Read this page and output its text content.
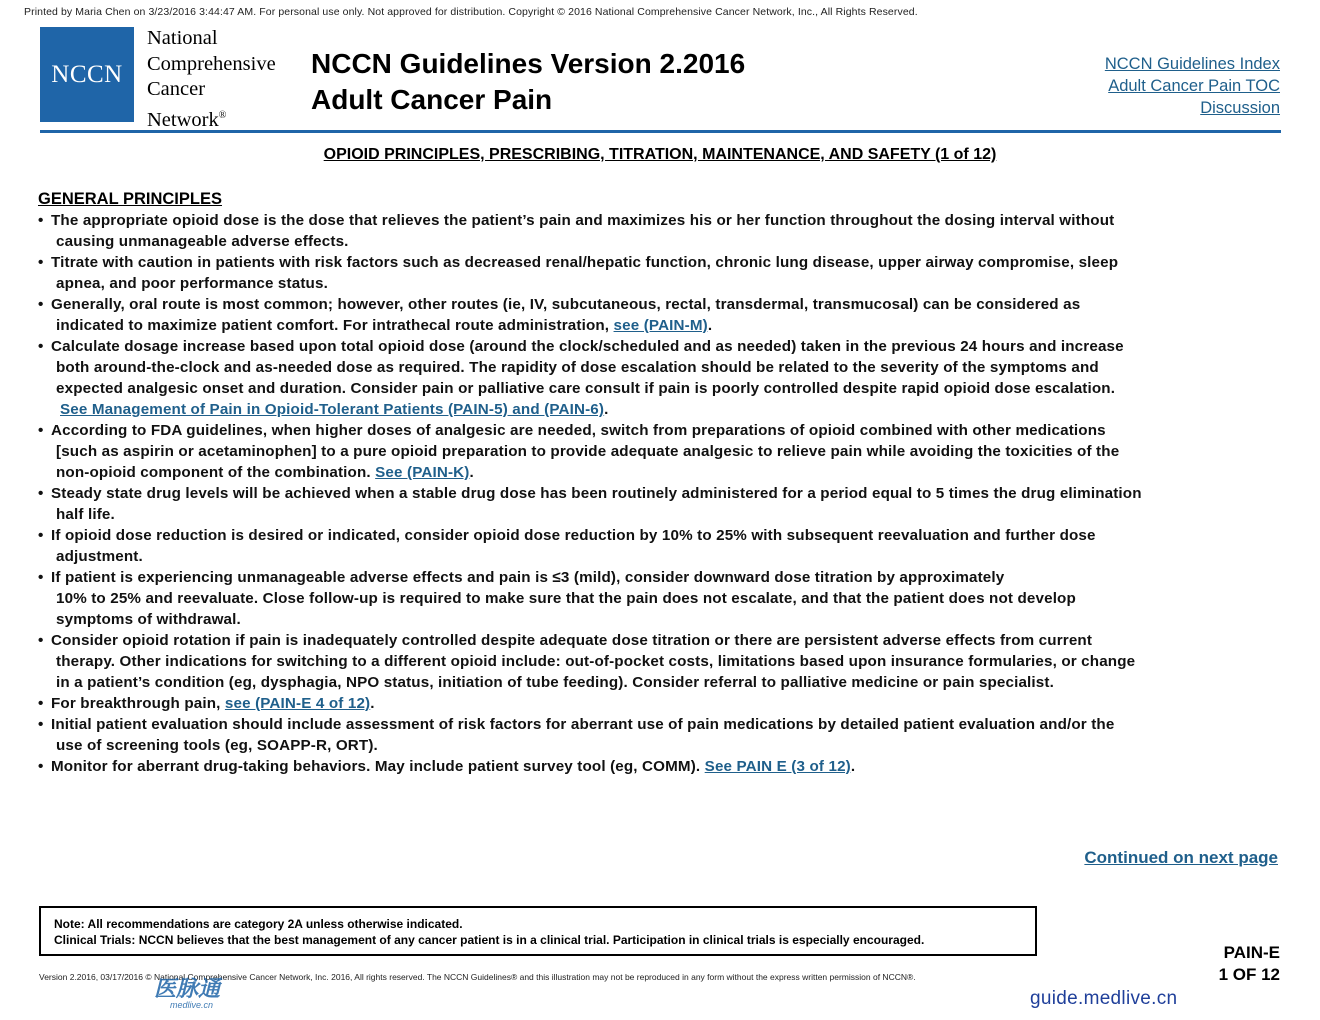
Printed by Maria Chen on 3/23/2016 3:44:47 AM. For personal use only. Not approved for distribution. Copyright © 2016 National Comprehensive Cancer Network, Inc., All Rights Reserved.
NCCN
National
Comprehensive
Cancer
Network®
NCCN Guidelines Version 2.2016
Adult Cancer Pain
NCCN Guidelines Index
Adult Cancer Pain TOC
Discussion
OPIOID PRINCIPLES, PRESCRIBING, TITRATION, MAINTENANCE, AND SAFETY (1 of 12)
GENERAL PRINCIPLES
• The appropriate opioid dose is the dose that relieves the patient’s pain and maximizes his or her function throughout the dosing interval without
causing unmanageable adverse effects.
• Titrate with caution in patients with risk factors such as decreased renal/hepatic function, chronic lung disease, upper airway compromise, sleep
apnea, and poor performance status.
• Generally, oral route is most common; however, other routes (ie, IV, subcutaneous, rectal, transdermal, transmucosal) can be considered as
indicated to maximize patient comfort. For intrathecal route administration, see (PAIN-M).
• Calculate dosage increase based upon total opioid dose (around the clock/scheduled and as needed) taken in the previous 24 hours and increase
both around-the-clock and as-needed dose as required. The rapidity of dose escalation should be related to the severity of the symptoms and
expected analgesic onset and duration. Consider pain or palliative care consult if pain is poorly controlled despite rapid opioid dose escalation.
See Management of Pain in Opioid-Tolerant Patients (PAIN-5) and (PAIN-6).
• According to FDA guidelines, when higher doses of analgesic are needed, switch from preparations of opioid combined with other medications
[such as aspirin or acetaminophen] to a pure opioid preparation to provide adequate analgesic to relieve pain while avoiding the toxicities of the
non-opioid component of the combination. See (PAIN-K).
• Steady state drug levels will be achieved when a stable drug dose has been routinely administered for a period equal to 5 times the drug elimination
half life.
• If opioid dose reduction is desired or indicated, consider opioid dose reduction by 10% to 25% with subsequent reevaluation and further dose
adjustment.
• If patient is experiencing unmanageable adverse effects and pain is ≤3 (mild), consider downward dose titration by approximately
10% to 25% and reevaluate. Close follow-up is required to make sure that the pain does not escalate, and that the patient does not develop
symptoms of withdrawal.
• Consider opioid rotation if pain is inadequately controlled despite adequate dose titration or there are persistent adverse effects from current
therapy. Other indications for switching to a different opioid include: out-of-pocket costs, limitations based upon insurance formularies, or change
in a patient’s condition (eg, dysphagia, NPO status, initiation of tube feeding). Consider referral to palliative medicine or pain specialist.
• For breakthrough pain, see (PAIN-E 4 of 12).
• Initial patient evaluation should include assessment of risk factors for aberrant use of pain medications by detailed patient evaluation and/or the
use of screening tools (eg, SOAPP-R, ORT).
• Monitor for aberrant drug-taking behaviors. May include patient survey tool (eg, COMM). See PAIN E (3 of 12).
Continued on next page
Note: All recommendations are category 2A unless otherwise indicated.
Clinical Trials: NCCN believes that the best management of any cancer patient is in a clinical trial. Participation in clinical trials is especially encouraged.
PAIN-E
1 OF 12
Version 2.2016, 03/17/2016 © National Comprehensive Cancer Network, Inc. 2016, All rights reserved. The NCCN Guidelines® and this illustration may not be reproduced in any form without the express written permission of NCCN®.
医脉通
medlive.cn	guide.medlive.cn
